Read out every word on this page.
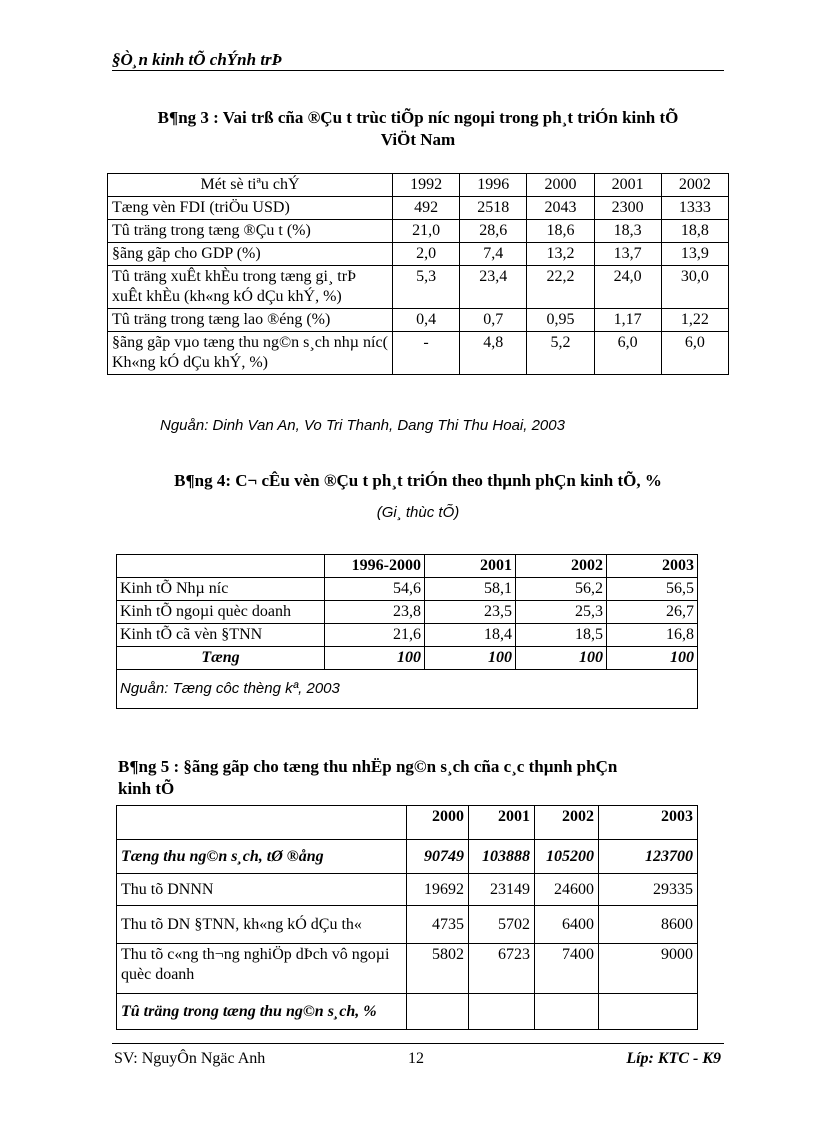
§Ò¸n kinh tÕ chÝnh trÞ
B¶ng 3 : Vai trß cña ®Çu t trùc tiÕp níc ngoµi trong ph¸t triÓn kinh tÕ
ViÖt Nam
Mét sè tiªu chÝ	1992	1996	2000	2001	2002
Tæng vèn FDI (triÖu USD)	492	2518	2043	2300	1333
Tû träng trong tæng ®Çu t (%)	21,0	28,6	18,6	18,3	18,8
§ãng gãp cho GDP (%)	2,0	7,4	13,2	13,7	13,9
Tû träng xuÊt khÈu trong tæng gi¸ trÞ xuÊt khÈu (kh«ng kÓ dÇu khÝ, %)	5,3	23,4	22,2	24,0	30,0
Tû träng trong tæng lao ®éng (%)	0,4	0,7	0,95	1,17	1,22
§ãng gãp vµo tæng thu ng©n s¸ch nhµ níc( Kh«ng kÓ dÇu khÝ, %)	-	4,8	5,2	6,0	6,0
Nguån: Dinh Van An, Vo Tri Thanh, Dang Thi Thu Hoai, 2003
B¶ng 4: C¬ cÊu vèn ®Çu t ph¸t triÓn theo thµnh phÇn kinh tÕ, %
(Gi¸ thùc tÕ)
	1996-2000	2001	2002	2003
Kinh tÕ Nhµ níc	54,6	58,1	56,2	56,5
Kinh tÕ ngoµi quèc doanh	23,8	23,5	25,3	26,7
Kinh tÕ cã vèn §TNN	21,6	18,4	18,5	16,8
Tæng	100	100	100	100
Nguån: Tæng côc thèng kª, 2003				
B¶ng 5 : §ãng gãp cho tæng thu nhËp ng©n s¸ch cña c¸c thµnh phÇn
kinh tÕ
	2000	2001	2002	2003
Tæng thu ng©n s¸ch, tØ ®ång	90749	103888	105200	123700
Thu tõ DNNN	19692	23149	24600	29335
Thu tõ DN §TNN, kh«ng kÓ dÇu th«	4735	5702	6400	8600
Thu tõ c«ng th¬ng nghiÖp dÞch vô ngoµi quèc doanh	5802	6723	7400	9000
Tû träng trong tæng thu ng©n s¸ch, %				
SV: NguyÔn Ngäc Anh	12	Líp: KTC - K9
